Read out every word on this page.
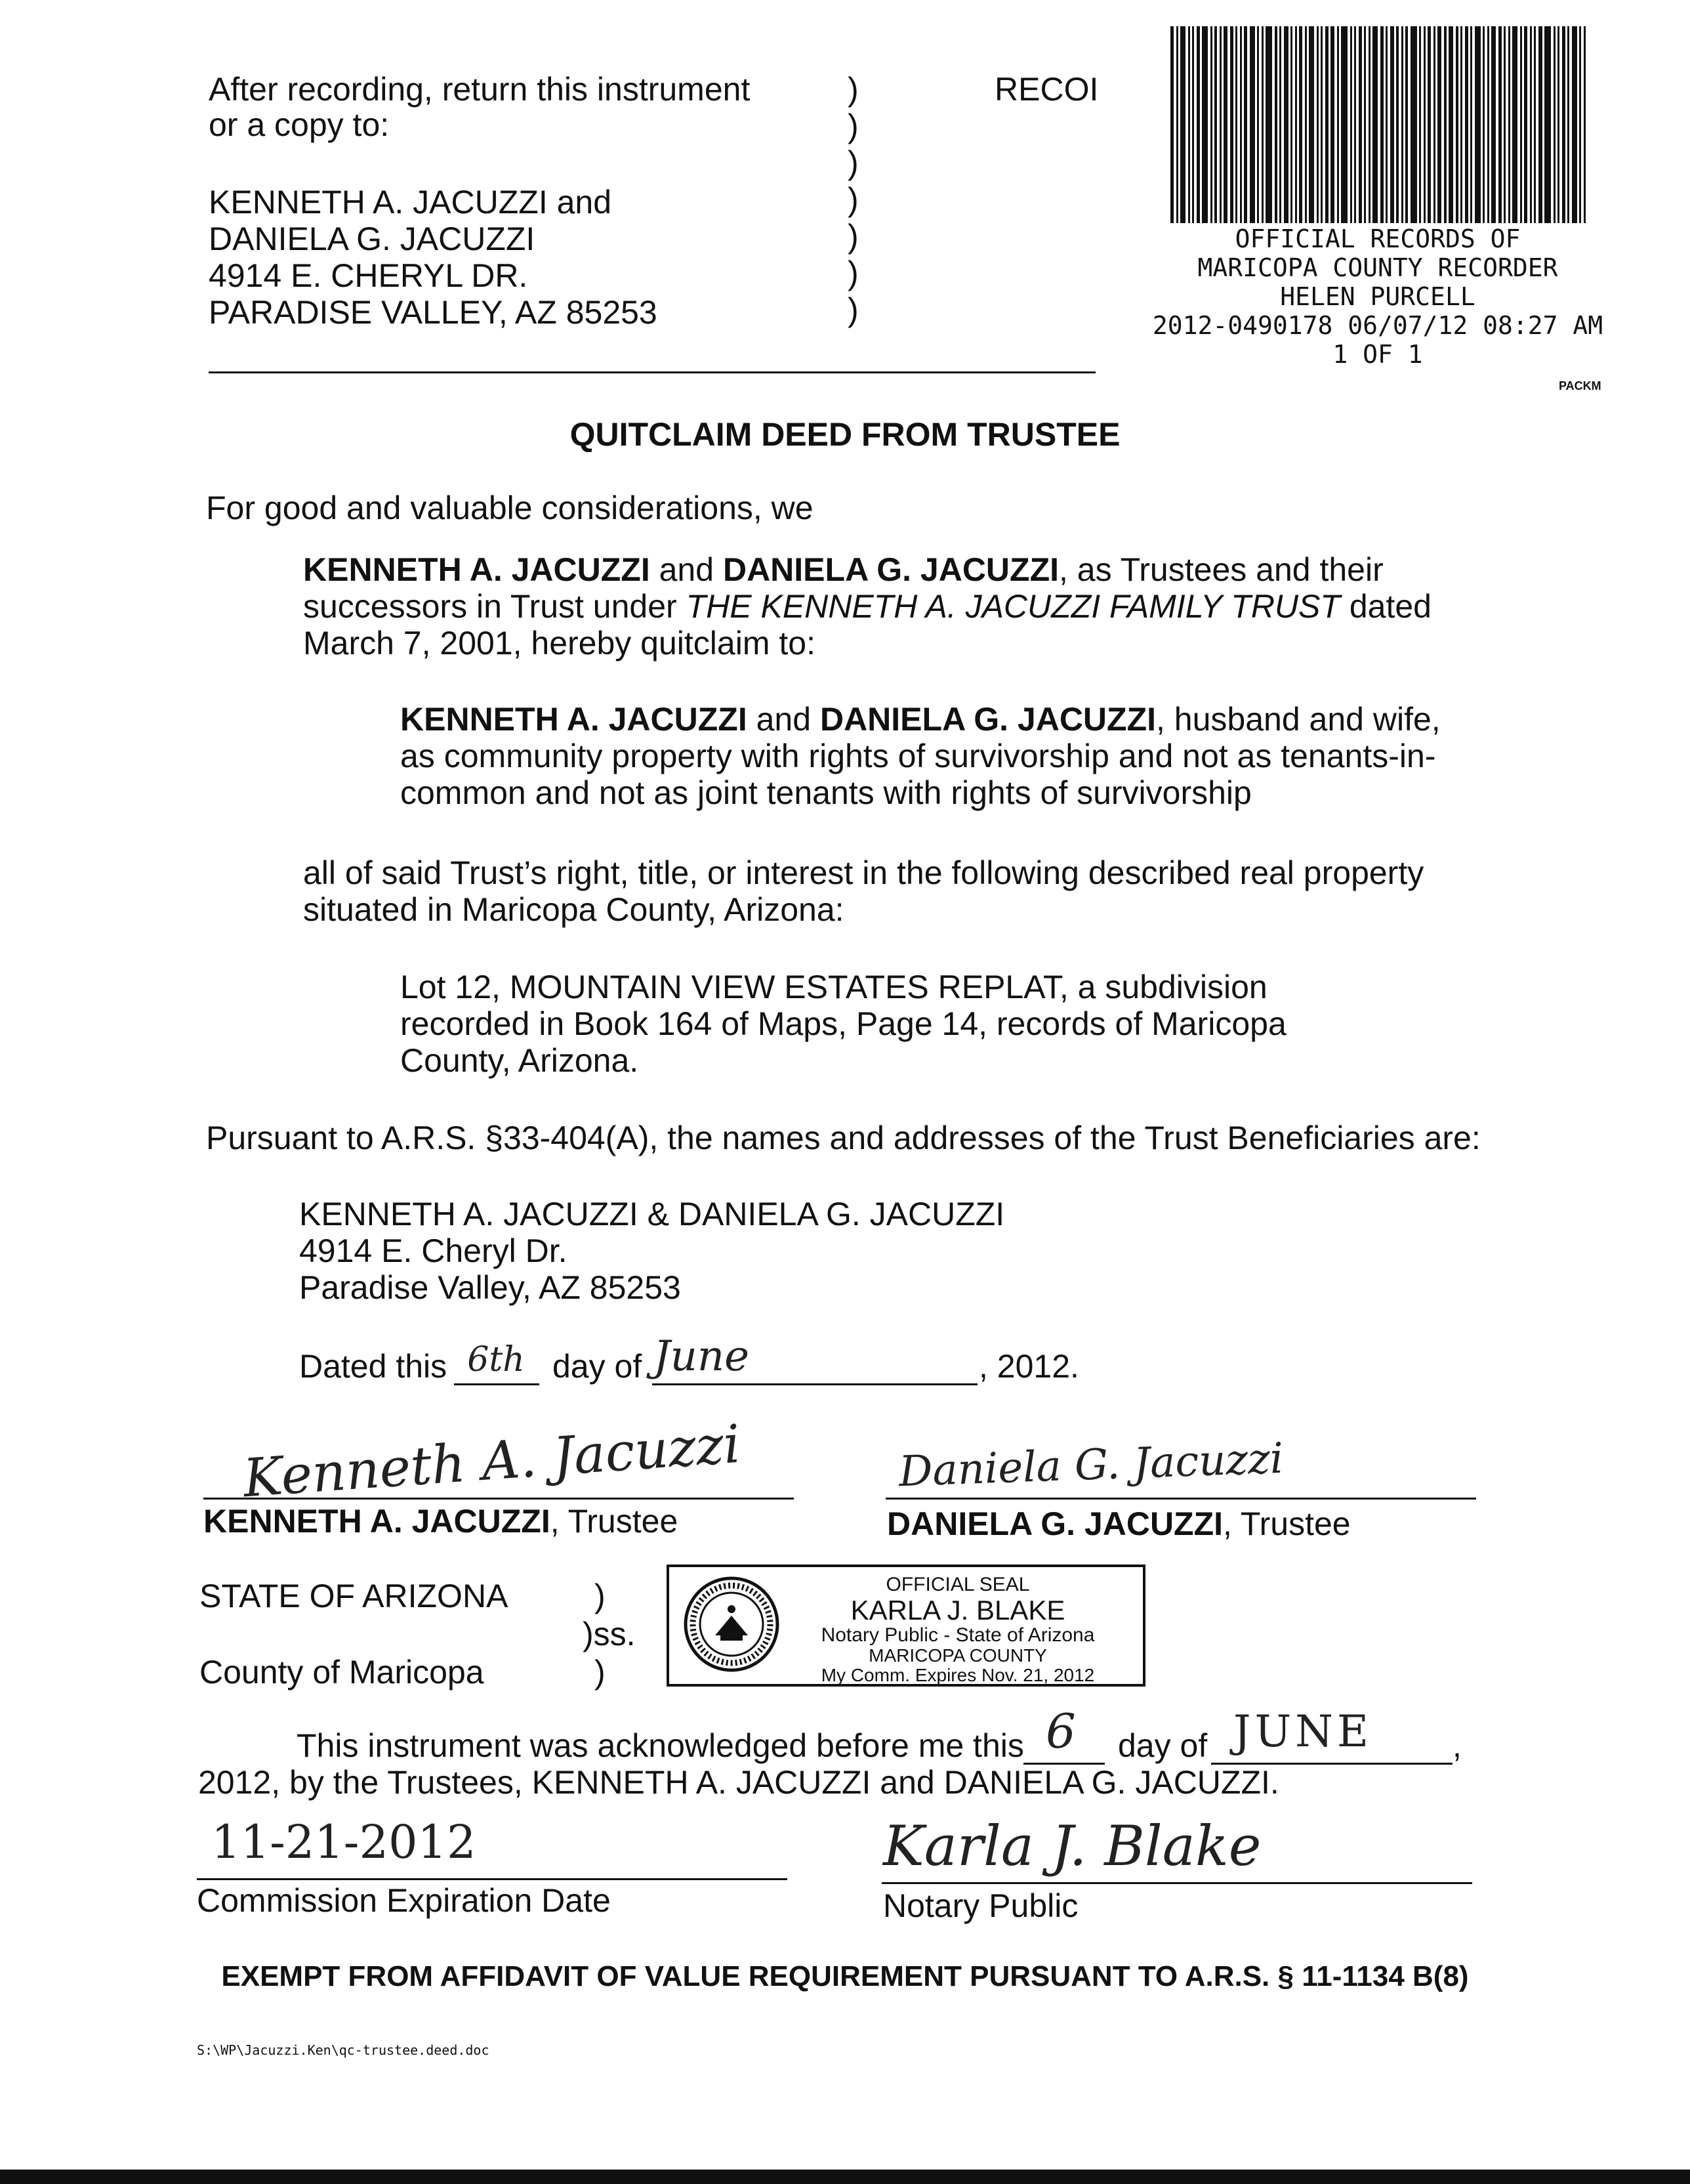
After recording, return this instrument
or a copy to:
KENNETH A. JACUZZI and
DANIELA G. JACUZZI
4914 E. CHERYL DR.
PARADISE VALLEY, AZ 85253
)
)
)
)
)
)
)
RECOI
OFFICIAL RECORDS OF
MARICOPA COUNTY RECORDER
HELEN PURCELL
2012-0490178 06/07/12 08:27 AM
1 OF 1
PACKM
QUITCLAIM DEED FROM TRUSTEE
For good and valuable considerations, we
KENNETH A. JACUZZI and DANIELA G. JACUZZI, as Trustees and their
successors in Trust under THE KENNETH A. JACUZZI FAMILY TRUST dated
March 7, 2001, hereby quitclaim to:
KENNETH A. JACUZZI and DANIELA G. JACUZZI, husband and wife,
as community property with rights of survivorship and not as tenants-in-
common and not as joint tenants with rights of survivorship
all of said Trust’s right, title, or interest in the following described real property
situated in Maricopa County, Arizona:
Lot 12, MOUNTAIN VIEW ESTATES REPLAT, a subdivision
recorded in Book 164 of Maps, Page 14, records of Maricopa
County, Arizona.
Pursuant to A.R.S. §33-404(A), the names and addresses of the Trust Beneficiaries are:
KENNETH A. JACUZZI & DANIELA G. JACUZZI
4914 E. Cheryl Dr.
Paradise Valley, AZ 85253
Dated this 6th day of June	, 2012.
Kenneth A. Jacuzzi
KENNETH A. JACUZZI, Trustee
Daniela G. Jacuzzi
DANIELA G. JACUZZI, Trustee
STATE OF ARIZONA	)
)ss.
County of Maricopa	)
OFFICIAL SEAL
KARLA J. BLAKE
Notary Public - State of Arizona
MARICOPA COUNTY
My Comm. Expires Nov. 21, 2012
This instrument was acknowledged before me this 6 day of JUNE ,
2012, by the Trustees, KENNETH A. JACUZZI and DANIELA G. JACUZZI.
11-21-2012
Commission Expiration Date
Karla J. Blake
Notary Public
EXEMPT FROM AFFIDAVIT OF VALUE REQUIREMENT PURSUANT TO A.R.S. § 11-1134 B(8)
S:\WP\Jacuzzi.Ken\qc-trustee.deed.doc
